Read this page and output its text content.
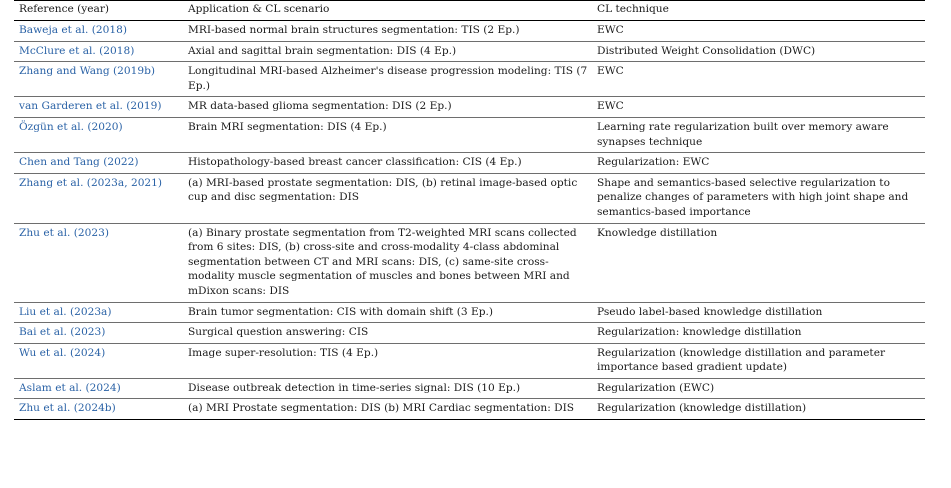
Reference (year)	Application & CL scenario	CL technique
Baweja et al. (2018)	MRI-based normal brain structures segmentation: TIS (2 Ep.)	EWC
McClure et al. (2018)	Axial and sagittal brain segmentation: DIS (4 Ep.)	Distributed Weight Consolidation (DWC)
Zhang and Wang (2019b)	Longitudinal MRI-based Alzheimer's disease progression modeling: TIS (7 Ep.)	EWC
van Garderen et al. (2019)	MR data-based glioma segmentation: DIS (2 Ep.)	EWC
Özgün et al. (2020)	Brain MRI segmentation: DIS (4 Ep.)	Learning rate regularization built over memory aware synapses technique
Chen and Tang (2022)	Histopathology-based breast cancer classification: CIS (4 Ep.)	Regularization: EWC
Zhang et al. (2023a, 2021)	(a) MRI-based prostate segmentation: DIS, (b) retinal image-based optic cup and disc segmentation: DIS	Shape and semantics-based selective regularization to penalize changes of parameters with high joint shape and semantics-based importance
Zhu et al. (2023)	(a) Binary prostate segmentation from T2-weighted MRI scans collected from 6 sites: DIS, (b) cross-site and cross-modality 4-class abdominal segmentation between CT and MRI scans: DIS, (c) same-site cross-modality muscle segmentation of muscles and bones between MRI and mDixon scans: DIS	Knowledge distillation
Liu et al. (2023a)	Brain tumor segmentation: CIS with domain shift (3 Ep.)	Pseudo label-based knowledge distillation
Bai et al. (2023)	Surgical question answering: CIS	Regularization: knowledge distillation
Wu et al. (2024)	Image super-resolution: TIS (4 Ep.)	Regularization (knowledge distillation and parameter importance based gradient update)
Aslam et al. (2024)	Disease outbreak detection in time-series signal: DIS (10 Ep.)	Regularization (EWC)
Zhu et al. (2024b)	(a) MRI Prostate segmentation: DIS (b) MRI Cardiac segmentation: DIS	Regularization (knowledge distillation)
